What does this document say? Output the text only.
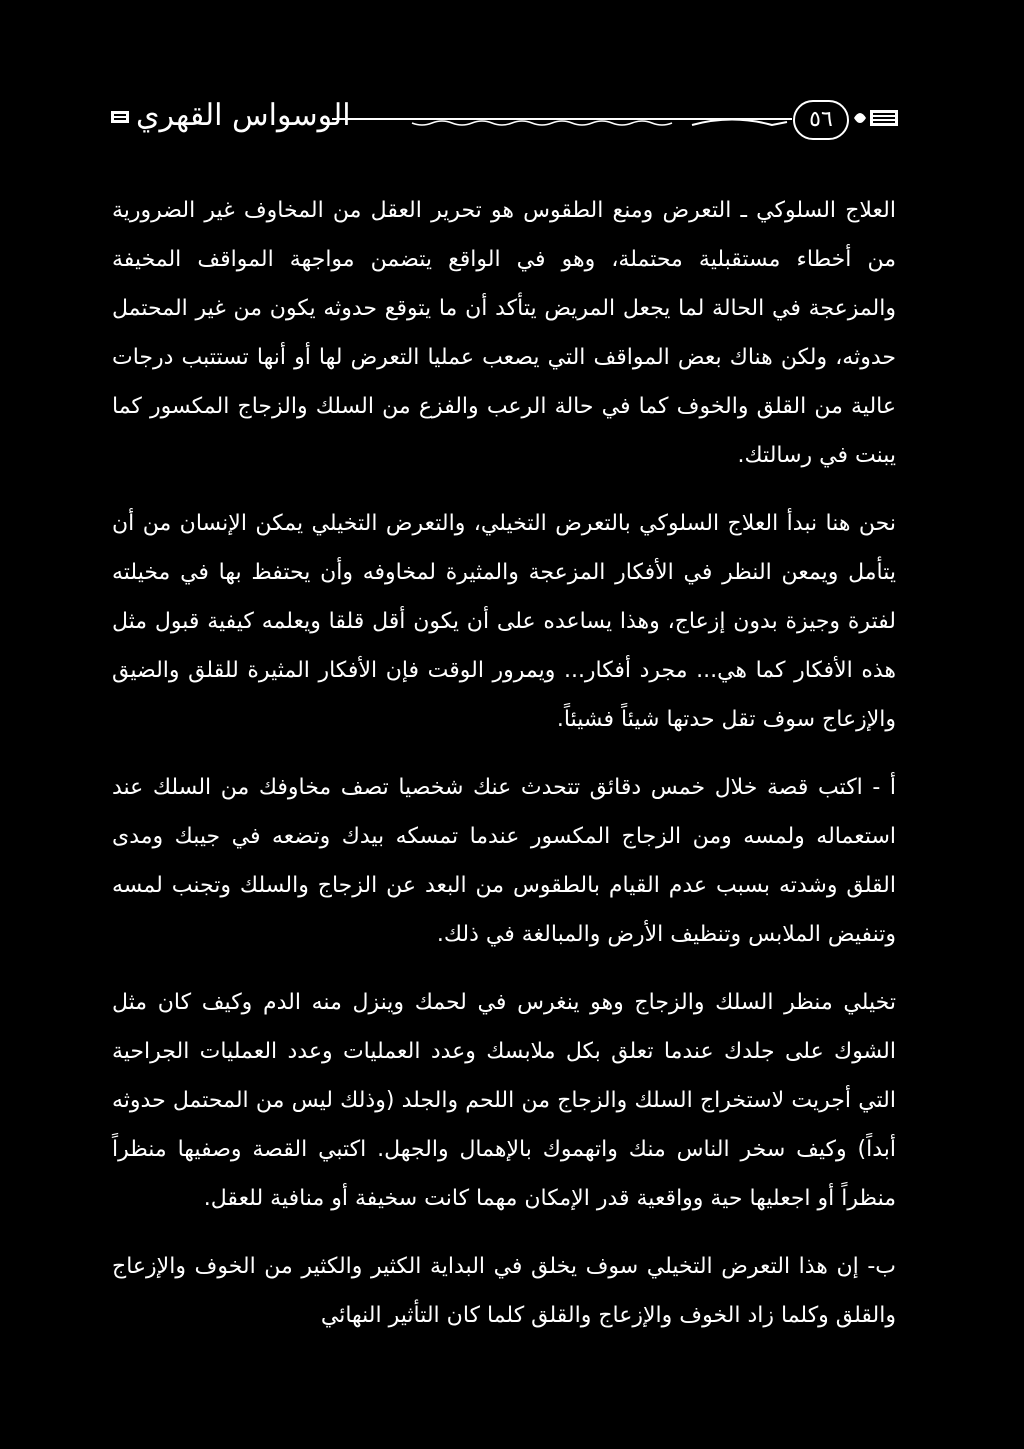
الوسواس القهري	٥٦

العلاج السلوكي ـ التعرض ومنع الطقوس هو تحرير العقل من المخاوف غير الضرورية من أخطاء مستقبلية محتملة، وهو في الواقع يتضمن مواجهة المواقف المخيفة والمزعجة في الحالة لما يجعل المريض يتأكد أن ما يتوقع حدوثه يكون من غير المحتمل حدوثه، ولكن هناك بعض المواقف التي يصعب عمليا التعرض لها أو أنها تستتبب درجات عالية من القلق والخوف كما في حالة الرعب والفزع من السلك والزجاج المكسور كما يبنت في رسالتك.

نحن هنا نبدأ العلاج السلوكي بالتعرض التخيلي، والتعرض التخيلي يمكن الإنسان من أن يتأمل ويمعن النظر في الأفكار المزعجة والمثيرة لمخاوفه وأن يحتفظ بها في مخيلته لفترة وجيزة بدون إزعاج، وهذا يساعده على أن يكون أقل قلقا ويعلمه كيفية قبول مثل هذه الأفكار كما هي... مجرد أفكار... ويمرور الوقت فإن الأفكار المثيرة للقلق والضيق والإزعاج سوف تقل حدتها شيئاً فشيئاً.

أ - اكتب قصة خلال خمس دقائق تتحدث عنك شخصيا تصف مخاوفك من السلك عند استعماله ولمسه ومن الزجاج المكسور عندما تمسكه بيدك وتضعه في جيبك ومدى القلق وشدته بسبب عدم القيام بالطقوس من البعد عن الزجاج والسلك وتجنب لمسه وتنفيض الملابس وتنظيف الأرض والمبالغة في ذلك.

تخيلي منظر السلك والزجاج وهو ينغرس في لحمك وينزل منه الدم وكيف كان مثل الشوك على جلدك عندما تعلق بكل ملابسك وعدد العمليات وعدد العمليات الجراحية التي أجريت لاستخراج السلك والزجاج من اللحم والجلد (وذلك ليس من المحتمل حدوثه أبداً) وكيف سخر الناس منك واتهموك بالإهمال والجهل. اكتبي القصة وصفيها منظراً منظراً أو اجعليها حية وواقعية قدر الإمكان مهما كانت سخيفة أو منافية للعقل.

ب- إن هذا التعرض التخيلي سوف يخلق في البداية الكثير والكثير من الخوف والإزعاج والقلق وكلما زاد الخوف والإزعاج والقلق كلما كان التأثير النهائي
